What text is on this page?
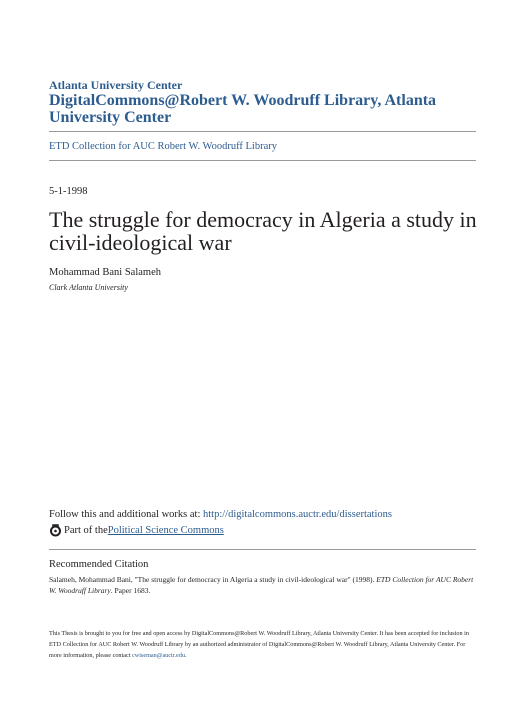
Atlanta University Center
DigitalCommons@Robert W. Woodruff Library, Atlanta University Center
ETD Collection for AUC Robert W. Woodruff Library
5-1-1998
The struggle for democracy in Algeria a study in civil-ideological war
Mohammad Bani Salameh
Clark Atlanta University
Follow this and additional works at: http://digitalcommons.auctr.edu/dissertations
Part of the Political Science Commons
Recommended Citation
Salameh, Mohammad Bani, "The struggle for democracy in Algeria a study in civil-ideological war" (1998). ETD Collection for AUC Robert W. Woodruff Library. Paper 1683.
This Thesis is brought to you for free and open access by DigitalCommons@Robert W. Woodruff Library, Atlanta University Center. It has been accepted for inclusion in ETD Collection for AUC Robert W. Woodruff Library by an authorized administrator of DigitalCommons@Robert W. Woodruff Library, Atlanta University Center. For more information, please contact cwiseman@auctr.edu.
